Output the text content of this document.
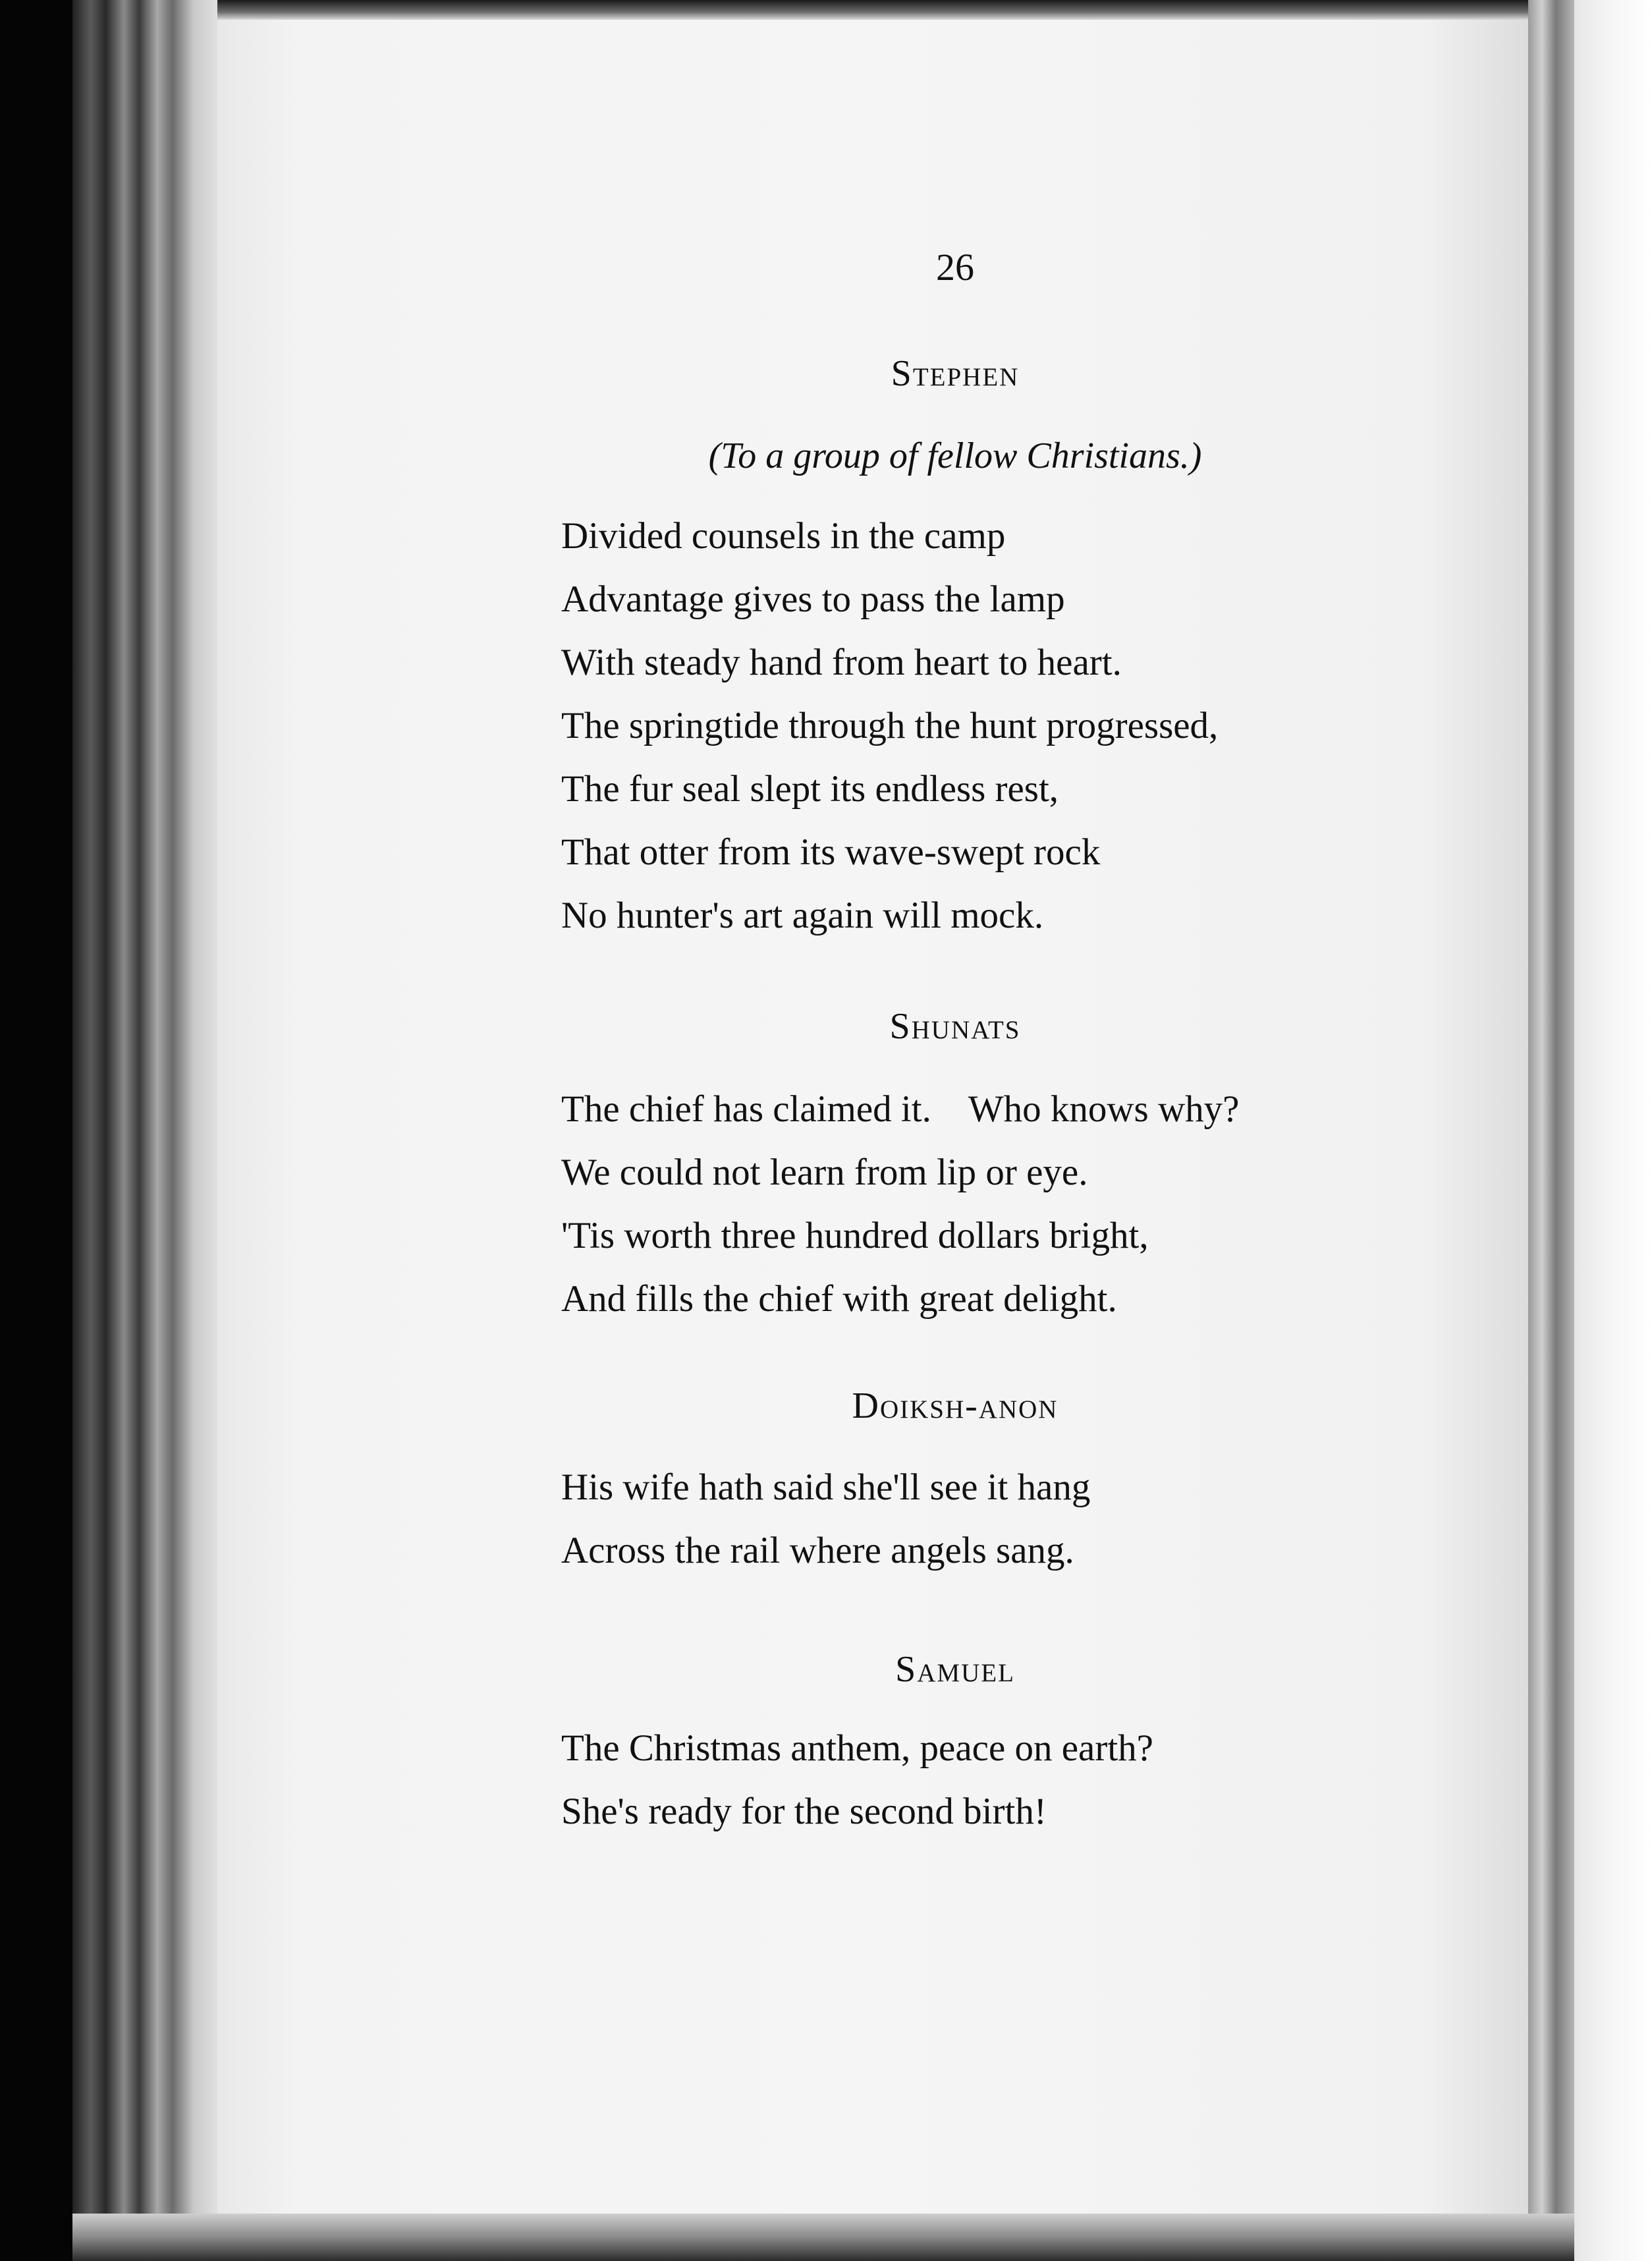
26
Stephen
(To a group of fellow Christians.)
Divided counsels in the camp
Advantage gives to pass the lamp
With steady hand from heart to heart.
The springtide through the hunt progressed,
The fur seal slept its endless rest,
That otter from its wave-swept rock
No hunter's art again will mock.
Shunats
The chief has claimed it.    Who knows why?
We could not learn from lip or eye.
'Tis worth three hundred dollars bright,
And fills the chief with great delight.
Doiksh-anon
His wife hath said she'll see it hang
Across the rail where angels sang.
Samuel
The Christmas anthem, peace on earth?
She's ready for the second birth!
